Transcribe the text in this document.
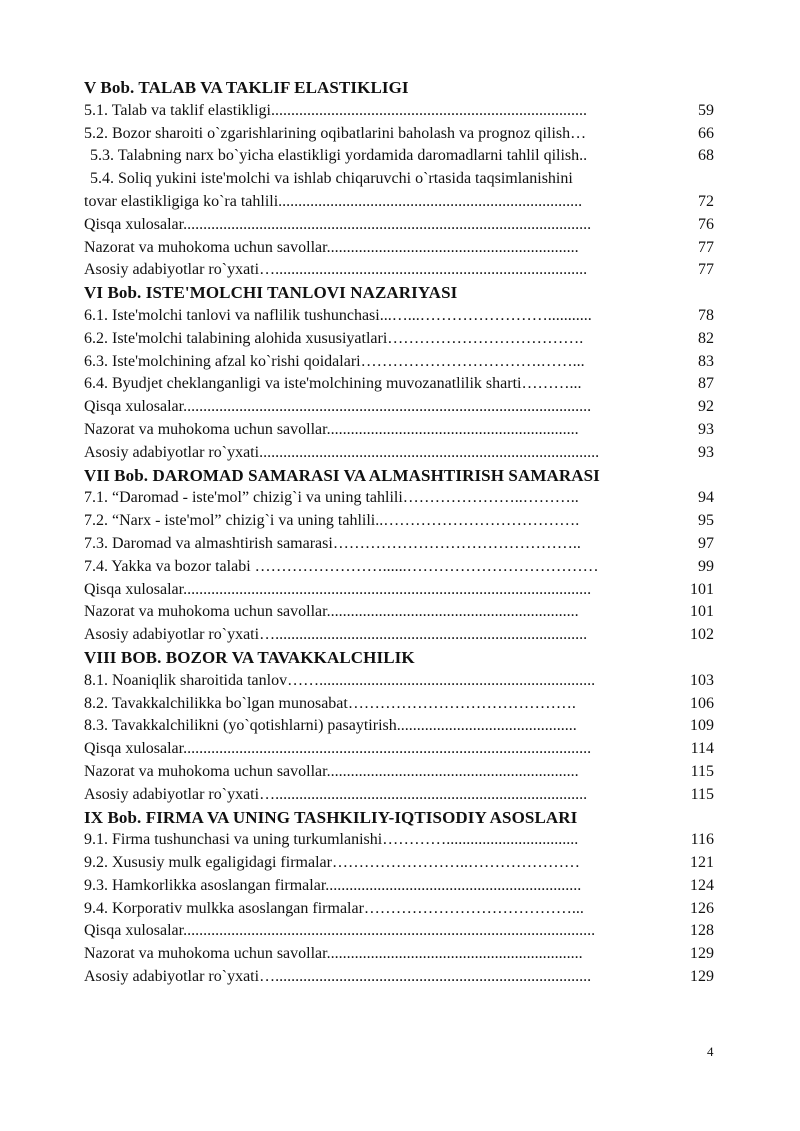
V Bob. TALAB VA TAKLIF ELASTIKLIGI
5.1. Talab va taklif elastikligi...............................................................................	59
5.2. Bozor sharoiti o`zgarishlarining oqibatlarini baholash va prognoz qilish…	66
5.3. Talabning narx bo`yicha elastikligi yordamida daromadlarni tahlil qilish..	68
5.4. Soliq yukini iste'molchi va ishlab chiqaruvchi o`rtasida taqsimlanishini
tovar elastikligiga ko`ra tahlili............................................................................	72
Qisqa xulosalar......................................................................................................	76
Nazorat va muhokoma uchun savollar...............................................................	77
Asosiy adabiyotlar ro`yxati…..............................................................................	77
VI Bob. ISTE'MOLCHI TANLOVI NAZARIYASI
6.1. Iste'molchi tanlovi va naflilik tushunchasi...…...……………………...........	78
6.2. Iste'molchi talabining alohida xususiyatlari……………………………….	82
6.3. Iste'molchining afzal ko`rishi qoidalari…………………………….……...	83
6.4. Byudjet cheklanganligi va iste'molchining muvozanatlilik sharti………...	87
Qisqa xulosalar......................................................................................................	92
Nazorat va muhokoma uchun savollar...............................................................	93
Asosiy adabiyotlar ro`yxati.....................................................................................	93
VII Bob. DAROMAD SAMARASI VA ALMASHTIRISH SAMARASI
7.1. “Daromad - iste'mol” chizig`i va uning tahlili…………………..………..	94
7.2. “Narx - iste'mol” chizig`i va uning tahlili..……………………………….	95
7.3. Daromad va almashtirish samarasi………………………………………..	97
7.4. Yakka va bozor talabi ……………………......………………………………	99
Qisqa xulosalar......................................................................................................	101
Nazorat va muhokoma uchun savollar...............................................................	101
Asosiy adabiyotlar ro`yxati…..............................................................................	102
VIII BOB. BOZOR VA TAVAKKALCHILIK
8.1. Noaniqlik sharoitida tanlov…….....................................................................	103
8.2. Tavakkalchilikka bo`lgan munosabat…………………………………….	106
8.3. Tavakkalchilikni (yo`qotishlarni) pasaytirish.............................................	109
Qisqa xulosalar......................................................................................................	114
Nazorat va muhokoma uchun savollar...............................................................	115
Asosiy adabiyotlar ro`yxati…..............................................................................	115
IX Bob. FIRMA VA UNING TASHKILIY-IQTISODIY ASOSLARI
9.1. Firma tushunchasi va uning turkumlanishi………….................................	116
9.2. Xususiy mulk egaligidagi firmalar……………………..…………………	121
9.3. Hamkorlikka asoslangan firmalar................................................................	124
9.4. Korporativ mulkka asoslangan firmalar…………………………………...	126
Qisqa xulosalar.......................................................................................................	128
Nazorat va muhokoma uchun savollar................................................................	129
Asosiy adabiyotlar ro`yxati…...............................................................................	129
4
